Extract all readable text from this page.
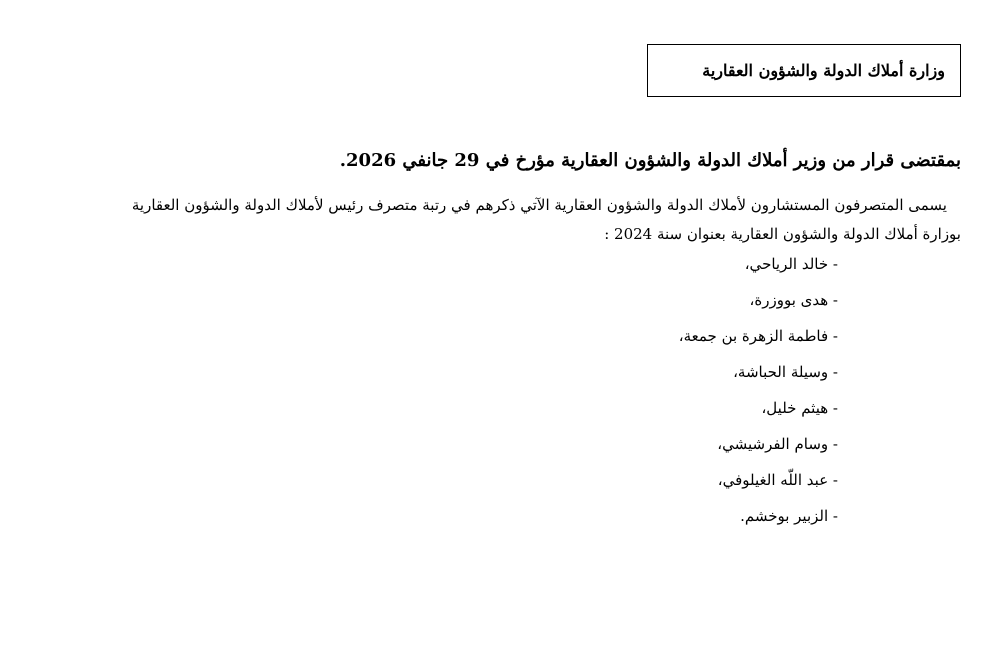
وزارة أملاك الدولة والشؤون العقارية
بمقتضى قرار من وزير أملاك الدولة والشؤون العقارية مؤرخ في 29 جانفي 2026.
يسمى المتصرفون المستشارون لأملاك الدولة والشؤون العقارية الآتي ذكرهم في رتبة متصرف رئيس لأملاك الدولة والشؤون العقارية
بوزارة أملاك الدولة والشؤون العقارية بعنوان سنة 2024 :
- خالد الرياحي،
- هدى بووزرة،
- فاطمة الزهرة بن جمعة،
- وسيلة الحباشة،
- هيثم خليل،
- وسام الفرشيشي،
- عبد اللّه الغيلوفي،
- الزبير بوخشم.
